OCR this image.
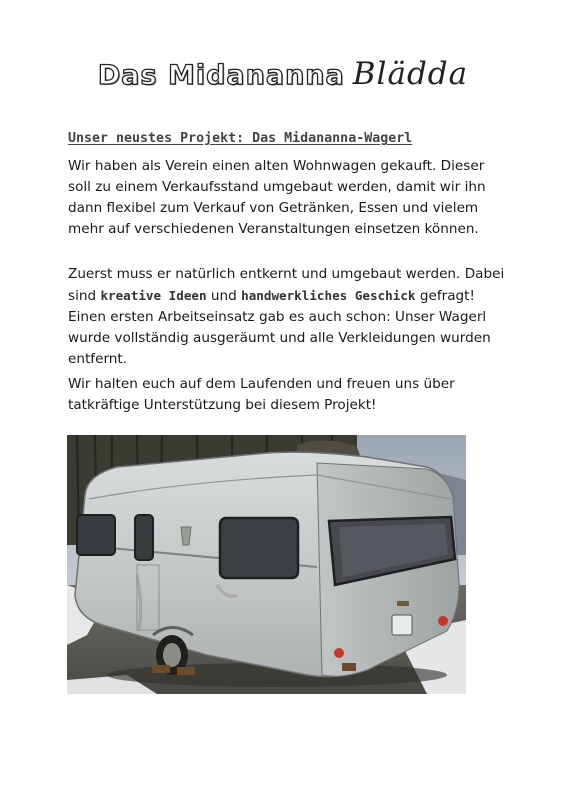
Das Midananna Blädda
Unser neustes Projekt: Das Midananna-Wagerl

Wir haben als Verein einen alten Wohnwagen gekauft. Dieser soll zu einem Verkaufsstand umgebaut werden, damit wir ihn dann flexibel zum Verkauf von Getränken, Essen und vielem mehr auf verschiedenen Veranstaltungen einsetzen können.

Zuerst muss er natürlich entkernt und umgebaut werden. Dabei sind kreative Ideen und handwerkliches Geschick gefragt! Einen ersten Arbeitseinsatz gab es auch schon: Unser Wagerl wurde vollständig ausgeräumt und alle Verkleidungen wurden entfernt.

Wir halten euch auf dem Laufenden und freuen uns über tatkräftige Unterstützung bei diesem Projekt!
